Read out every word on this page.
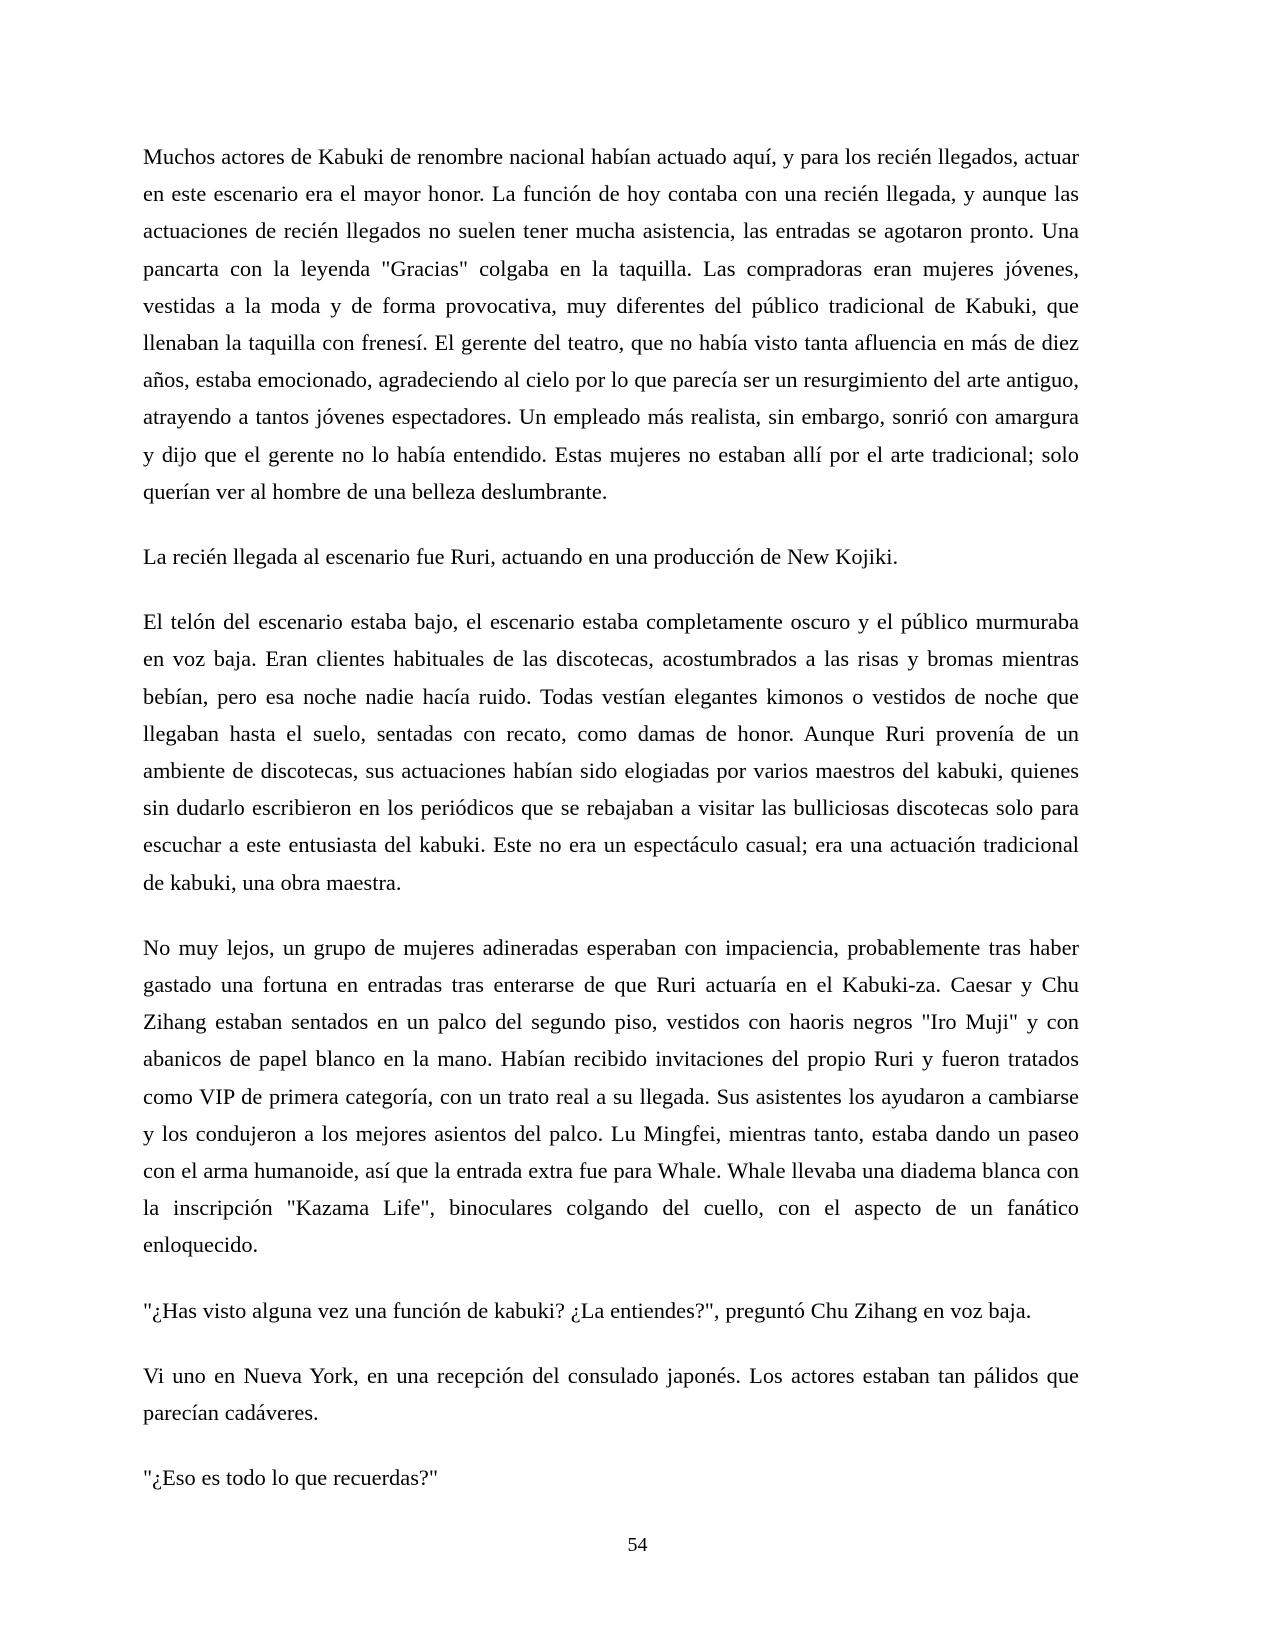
Muchos actores de Kabuki de renombre nacional habían actuado aquí, y para los recién llegados, actuar en este escenario era el mayor honor. La función de hoy contaba con una recién llegada, y aunque las actuaciones de recién llegados no suelen tener mucha asistencia, las entradas se agotaron pronto. Una pancarta con la leyenda "Gracias" colgaba en la taquilla. Las compradoras eran mujeres jóvenes, vestidas a la moda y de forma provocativa, muy diferentes del público tradicional de Kabuki, que llenaban la taquilla con frenesí. El gerente del teatro, que no había visto tanta afluencia en más de diez años, estaba emocionado, agradeciendo al cielo por lo que parecía ser un resurgimiento del arte antiguo, atrayendo a tantos jóvenes espectadores. Un empleado más realista, sin embargo, sonrió con amargura y dijo que el gerente no lo había entendido. Estas mujeres no estaban allí por el arte tradicional; solo querían ver al hombre de una belleza deslumbrante.

La recién llegada al escenario fue Ruri, actuando en una producción de New Kojiki.

El telón del escenario estaba bajo, el escenario estaba completamente oscuro y el público murmuraba en voz baja. Eran clientes habituales de las discotecas, acostumbrados a las risas y bromas mientras bebían, pero esa noche nadie hacía ruido. Todas vestían elegantes kimonos o vestidos de noche que llegaban hasta el suelo, sentadas con recato, como damas de honor. Aunque Ruri provenía de un ambiente de discotecas, sus actuaciones habían sido elogiadas por varios maestros del kabuki, quienes sin dudarlo escribieron en los periódicos que se rebajaban a visitar las bulliciosas discotecas solo para escuchar a este entusiasta del kabuki. Este no era un espectáculo casual; era una actuación tradicional de kabuki, una obra maestra.

No muy lejos, un grupo de mujeres adineradas esperaban con impaciencia, probablemente tras haber gastado una fortuna en entradas tras enterarse de que Ruri actuaría en el Kabuki-za. Caesar y Chu Zihang estaban sentados en un palco del segundo piso, vestidos con haoris negros "Iro Muji" y con abanicos de papel blanco en la mano. Habían recibido invitaciones del propio Ruri y fueron tratados como VIP de primera categoría, con un trato real a su llegada. Sus asistentes los ayudaron a cambiarse y los condujeron a los mejores asientos del palco. Lu Mingfei, mientras tanto, estaba dando un paseo con el arma humanoide, así que la entrada extra fue para Whale. Whale llevaba una diadema blanca con la inscripción "Kazama Life", binoculares colgando del cuello, con el aspecto de un fanático enloquecido.

"¿Has visto alguna vez una función de kabuki? ¿La entiendes?", preguntó Chu Zihang en voz baja.

Vi uno en Nueva York, en una recepción del consulado japonés. Los actores estaban tan pálidos que parecían cadáveres.

"¿Eso es todo lo que recuerdas?"

54
